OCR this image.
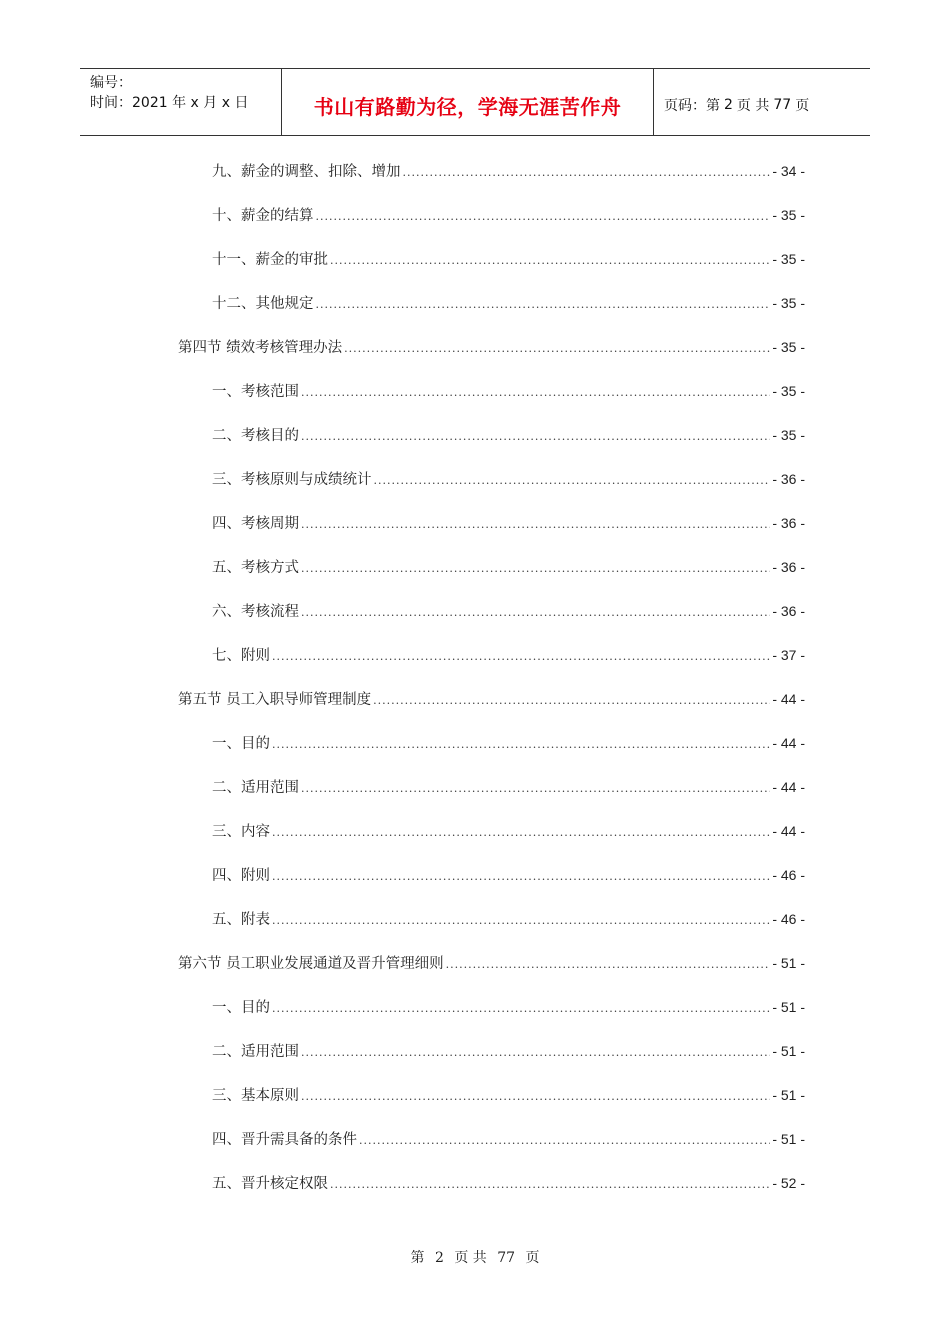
编号：
时间：2021 年 x 月 x 日	书山有路勤为径，学海无涯苦作舟	页码：第 2 页 共 77 页
九、薪金的调整、扣除、增加 .....	- 34 -
十、薪金的结算 .....	- 35 -
十一、薪金的审批 .....	- 35 -
十二、其他规定 .....	- 35 -
第四节 绩效考核管理办法 .....	- 35 -
一、考核范围 .....	- 35 -
二、考核目的 .....	- 35 -
三、考核原则与成绩统计 .....	- 36 -
四、考核周期 .....	- 36 -
五、考核方式 .....	- 36 -
六、考核流程 .....	- 36 -
七、附则 .....	- 37 -
第五节 员工入职导师管理制度 .....	- 44 -
一、目的 .....	- 44 -
二、适用范围 .....	- 44 -
三、内容 .....	- 44 -
四、附则 .....	- 46 -
五、附表 .....	- 46 -
第六节 员工职业发展通道及晋升管理细则 .....	- 51 -
一、目的 .....	- 51 -
二、适用范围 .....	- 51 -
三、基本原则 .....	- 51 -
四、晋升需具备的条件 .....	- 51 -
五、晋升核定权限 .....	- 52 -
第 2 页 共 77 页
